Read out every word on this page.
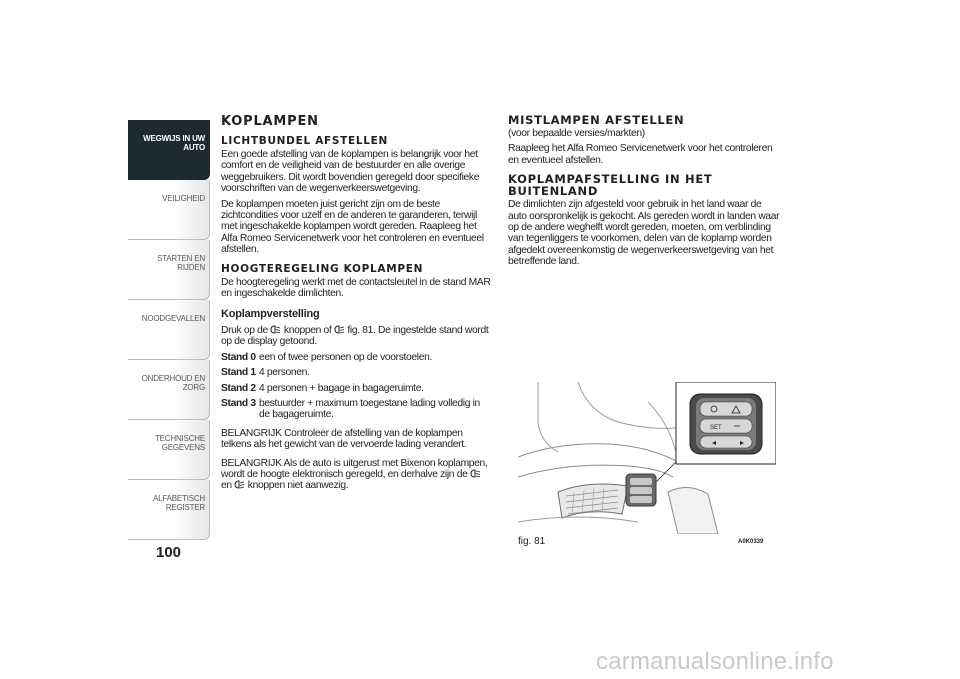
WEGWIJS IN UW AUTO
VEILIGHEID
STARTEN EN RIJDEN
NOODGEVALLEN
ONDERHOUD EN ZORG
TECHNISCHE GEGEVENS
ALFABETISCH REGISTER
100
KOPLAMPEN
LICHTBUNDEL AFSTELLEN

Een goede afstelling van de koplampen is belangrijk voor het comfort en de veiligheid van de bestuurder en alle overige weggebruikers. Dit wordt bovendien geregeld door specifieke voorschriften van de wegenverkeerswetgeving.

De koplampen moeten juist gericht zijn om de beste zichtcondities voor uzelf en de anderen te garanderen, terwijl met ingeschakelde koplampen wordt gereden. Raapleeg het Alfa Romeo Servicenetwerk voor het controleren en eventueel afstellen.

HOOGTEREGELING KOPLAMPEN

De hoogteregeling werkt met de contactsleutel in de stand MAR en ingeschakelde dimlichten.

Koplampverstelling

Druk op de knoppen of fig. 81. De ingestelde stand wordt op de display getoond.

Stand 0 een of twee personen op de voorstoelen.
Stand 1 4 personen.
Stand 2 4 personen + bagage in bagageruimte.
Stand 3 bestuurder + maximum toegestane lading volledig in de bagageruimte.

BELANGRIJK Controleer de afstelling van de koplampen telkens als het gewicht van de vervoerde lading verandert.

BELANGRIJK Als de auto is uitgerust met Bixenon koplampen, wordt de hoogte elektronisch geregeld, en derhalve zijn de
en knoppen niet aanwezig.

MISTLAMPEN AFSTELLEN

(voor bepaalde versies/markten)

Raapleeg het Alfa Romeo Servicenetwerk voor het controleren en eventueel afstellen.

KOPLAMPAFSTELLING IN HET BUITENLAND

De dimlichten zijn afgesteld voor gebruik in het land waar de auto oorspronkelijk is gekocht. Als gereden wordt in landen waar op de andere weghelft wordt gereden, moeten, om verblinding van tegenliggers te voorkomen, delen van de koplamp worden afgedekt overeenkomstig de wegenverkeerswetgeving van het betreffende land.

SET
fig. 81	A0K0339
carmanualsonline.info
